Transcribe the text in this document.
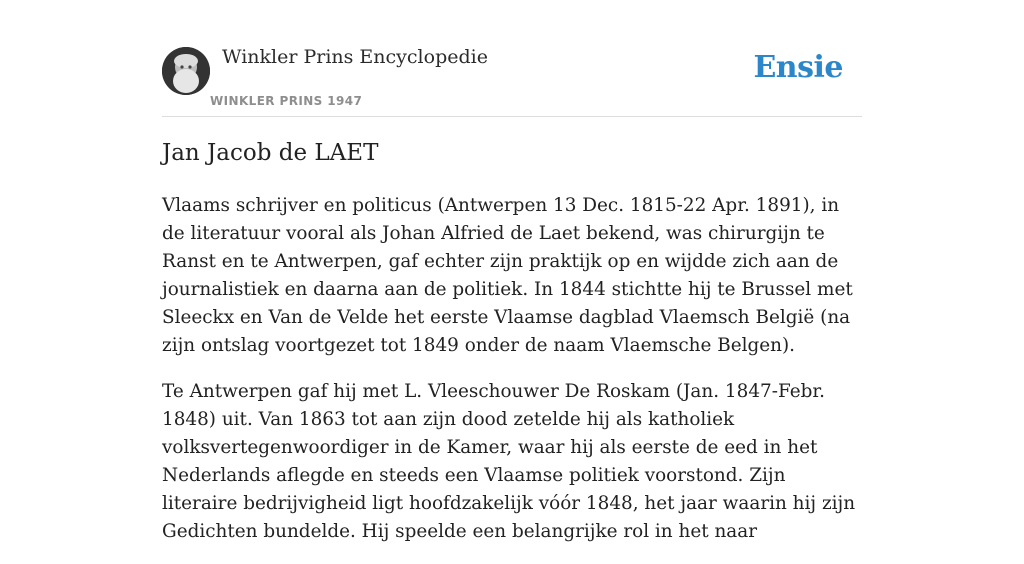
Winkler Prins Encyclopedie
WINKLER PRINS 1947
Ensie
Jan Jacob de LAET

Vlaams schrijver en politicus (Antwerpen 13 Dec. 1815-22 Apr. 1891), in de literatuur vooral als Johan Alfried de Laet bekend, was chirurgijn te Ranst en te Antwerpen, gaf echter zijn praktijk op en wijdde zich aan de journalistiek en daarna aan de politiek. In 1844 stichtte hij te Brussel met Sleeckx en Van de Velde het eerste Vlaamse dagblad Vlaemsch België (na zijn ontslag voortgezet tot 1849 onder de naam Vlaemsche Belgen).

Te Antwerpen gaf hij met L. Vleeschouwer De Roskam (Jan. 1847-Febr. 1848) uit. Van 1863 tot aan zijn dood zetelde hij als katholiek volksvertegenwoordiger in de Kamer, waar hij als eerste de eed in het Nederlands aflegde en steeds een Vlaamse politiek voorstond. Zijn literaire bedrijvigheid ligt hoofdzakelijk vóór 1848, het jaar waarin hij zijn Gedichten bundelde. Hij speelde een belangrijke rol in het naar
